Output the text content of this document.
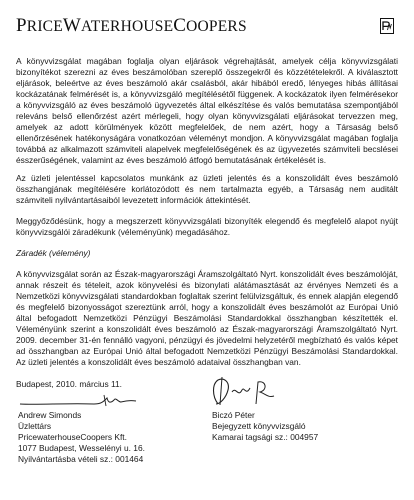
PRICEWATERHOUSECOOPERS

A könyvvizsgálat magában foglalja olyan eljárások végrehajtását, amelyek célja könyvvizsgálati bizonyítékot szerezni az éves beszámolóban szereplő összegekről és közzétételekről. A kiválasztott eljárások, beleértve az éves beszámoló akár csalásból, akár hibából eredő, lényeges hibás állításai kockázatának felmérését is, a könyvvizsgáló megítélésétől függenek. A kockázatok ilyen felmérésekor a könyvvizsgáló az éves beszámoló ügyvezetés által elkészítése és valós bemutatása szempontjából releváns belső ellenőrzést azért mérlegeli, hogy olyan könyvvizsgálati eljárásokat tervezzen meg, amelyek az adott körülmények között megfelelőek, de nem azért, hogy a Társaság belső ellenőrzésének hatékonyságára vonatkozóan véleményt mondjon. A könyvvizsgálat magában foglalja továbbá az alkalmazott számviteli alapelvek megfelelőségének és az ügyvezetés számviteli becslései ésszerűségének, valamint az éves beszámoló átfogó bemutatásának értékelését is.

Az üzleti jelentéssel kapcsolatos munkánk az üzleti jelentés és a konszolidált éves beszámoló összhangjának megítélésére korlátozódott és nem tartalmazta egyéb, a Társaság nem auditált számviteli nyilvántartásaiból levezetett információk áttekintését.

Meggyőződésünk, hogy a megszerzett könyvvizsgálati bizonyíték elegendő és megfelelő alapot nyújt könyvvizsgálói záradékunk (véleményünk) megadásához.

Záradék (vélemény)

A könyvvizsgálat során az Észak-magyarországi Áramszolgáltató Nyrt. konszolidált éves beszámolóját, annak részeit és tételeit, azok könyvelési és bizonylati alátámasztását az érvényes Nemzeti és a Nemzetközi könyvvizsgálati standardokban foglaltak szerint felülvizsgáltuk, és ennek alapján elegendő és megfelelő bizonyosságot szereztünk arról, hogy a konszolidált éves beszámolót az Európai Unió által befogadott Nemzetközi Pénzügyi Beszámolási Standardokkal összhangban készítették el. Véleményünk szerint a konszolidált éves beszámoló az Észak-magyarországi Áramszolgáltató Nyrt. 2009. december 31-én fennálló vagyoni, pénzügyi és jövedelmi helyzetéről megbízható és valós képet ad összhangban az Európai Unió által befogadott Nemzetközi Pénzügyi Beszámolási Standardokkal. Az üzleti jelentés a konszolidált éves beszámoló adataival összhangban van.

Budapest, 2010. március 11.

Andrew Simonds
Üzlettárs
PricewaterhouseCoopers Kft.
1077 Budapest, Wesselényi u. 16.
Nyilvántartásba vételi sz.: 001464
Biczó Péter
Bejegyzett könyvvizsgáló
Kamarai tagsági sz.: 004957
